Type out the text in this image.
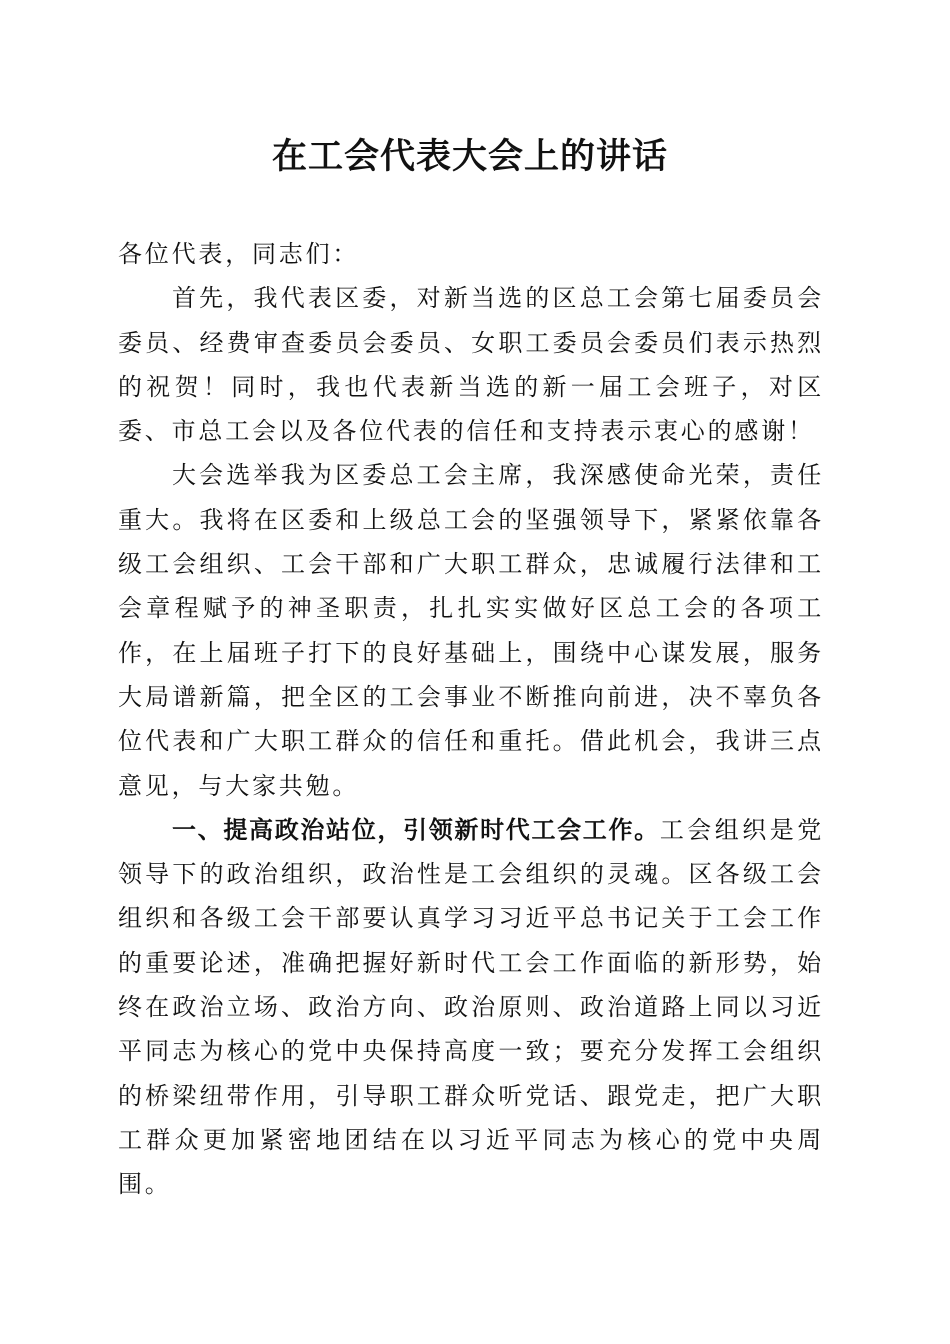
在工会代表大会上的讲话

各位代表，同志们：

首先，我代表区委，对新当选的区总工会第七届委员会委员、经费审查委员会委员、女职工委员会委员们表示热烈的祝贺！同时，我也代表新当选的新一届工会班子，对区委、市总工会以及各位代表的信任和支持表示衷心的感谢！

大会选举我为区委总工会主席，我深感使命光荣，责任重大。我将在区委和上级总工会的坚强领导下，紧紧依靠各级工会组织、工会干部和广大职工群众，忠诚履行法律和工会章程赋予的神圣职责，扎扎实实做好区总工会的各项工作，在上届班子打下的良好基础上，围绕中心谋发展，服务大局谱新篇，把全区的工会事业不断推向前进，决不辜负各位代表和广大职工群众的信任和重托。借此机会，我讲三点意见，与大家共勉。

一、提高政治站位，引领新时代工会工作。工会组织是党领导下的政治组织，政治性是工会组织的灵魂。区各级工会组织和各级工会干部要认真学习习近平总书记关于工会工作的重要论述，准确把握好新时代工会工作面临的新形势，始终在政治立场、政治方向、政治原则、政治道路上同以习近平同志为核心的党中央保持高度一致；要充分发挥工会组织的桥梁纽带作用，引导职工群众听党话、跟党走，把广大职工群众更加紧密地团结在以习近平同志为核心的党中央周围。
